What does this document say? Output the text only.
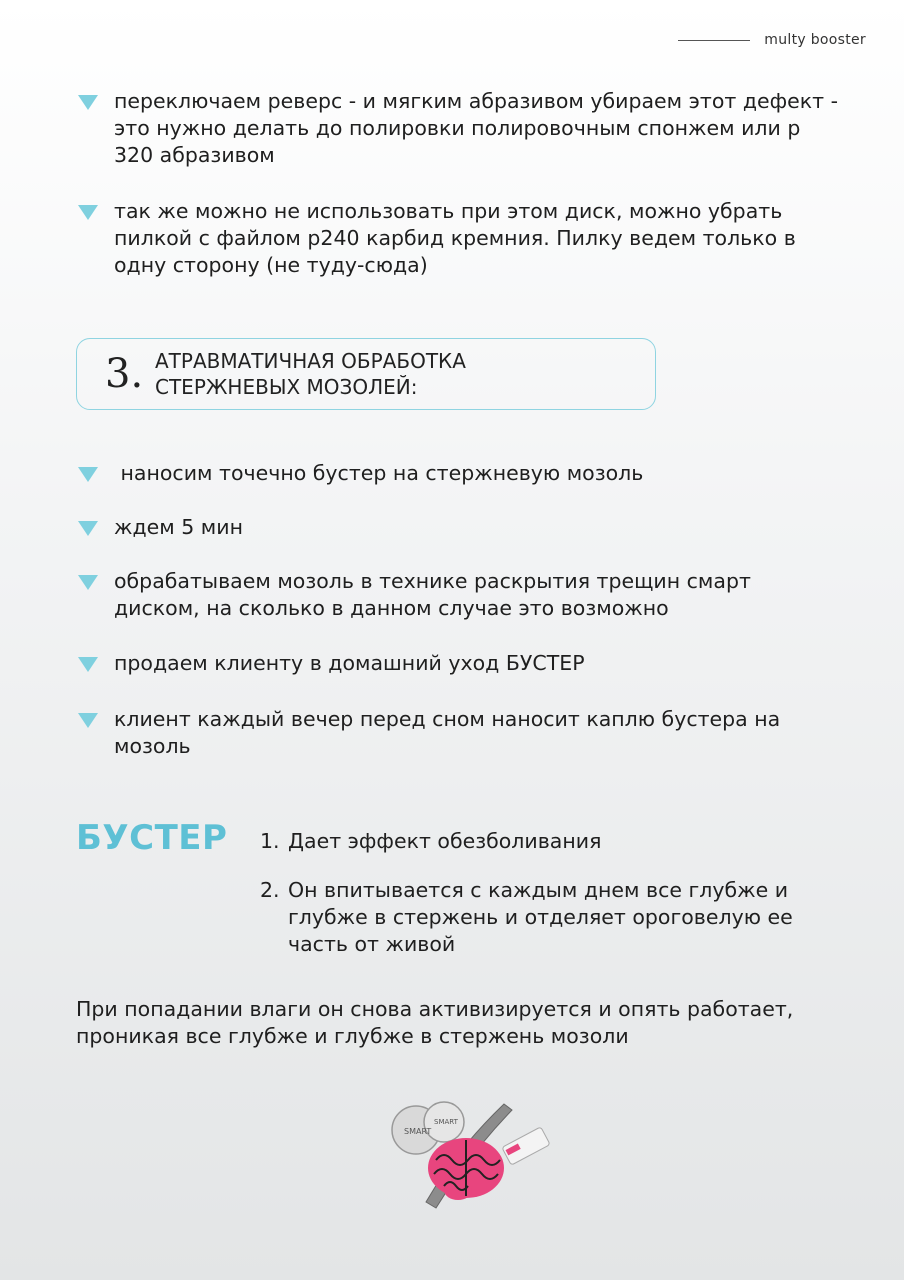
multy booster
переключаем реверс - и мягким абразивом убираем этот дефект - это нужно делать до полировки полировочным спонжем или р 320 абразивом
так же можно не использовать при этом диск, можно убрать пилкой с файлом р240 карбид кремния. Пилку ведем только в одну сторону (не туду-сюда)
3. АТРАВМАТИЧНАЯ ОБРАБОТКА
СТЕРЖНЕВЫХ МОЗОЛЕЙ:
наносим точечно бустер на стержневую мозоль
ждем 5 мин
обрабатываем мозоль в технике раскрытия трещин смарт диском, на сколько в данном случае это возможно
продаем клиенту в домашний уход БУСТЕР
клиент каждый вечер перед сном наносит каплю бустера на мозоль
БУСТЕР 1. Дает эффект обезболивания
2. Он впитывается с каждым днем все глубже и глубже в стержень и отделяет ороговелую ее часть от живой
При попадании влаги он снова активизируется и опять работает, проникая все глубже и глубже в стержень мозоли
SMART
SMART
